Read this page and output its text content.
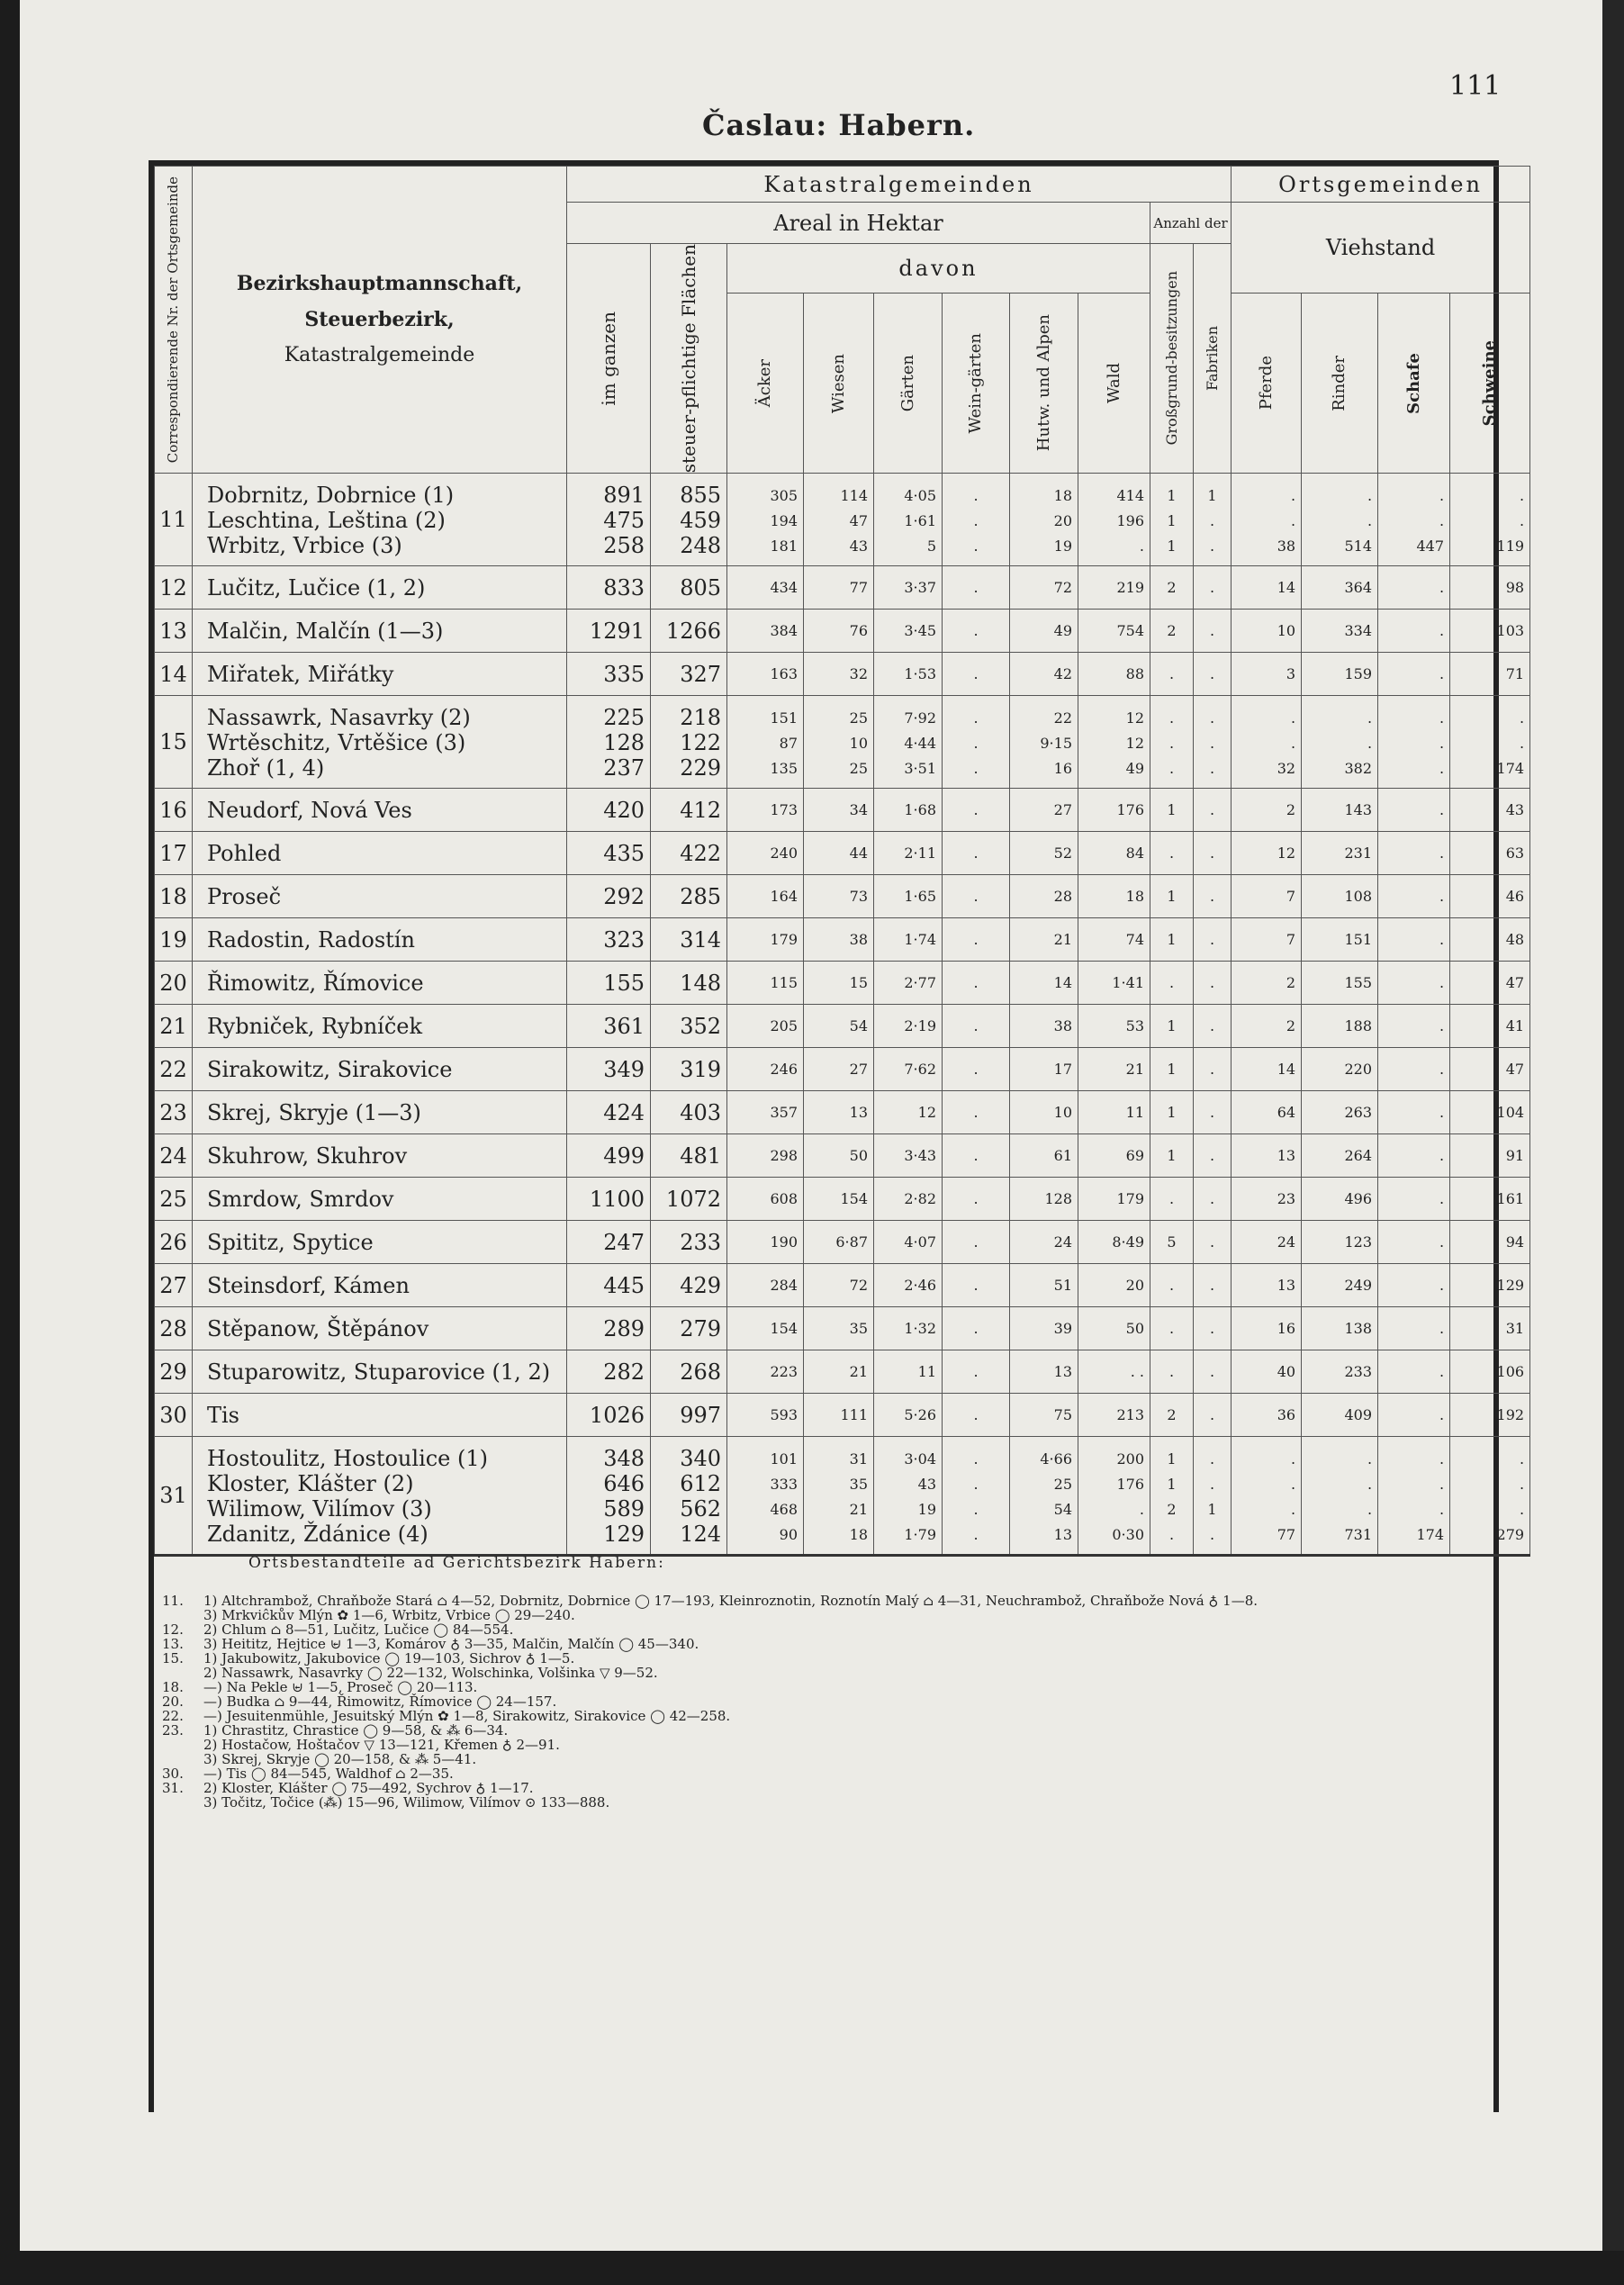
111
Časlau: Habern.
Correspondierende Nr. der Ortsgemeinde	Bezirkshauptmannschaft,
Steuerbezirk,
Katastralgemeinde	Katastralgemeinden										Ortsgemeinden			
		Areal in Hektar								Anzahl der		Viehstand			

		im ganzen	steuer-pflichtige Flächen	davon						Großgrund-besitzungen	Fabriken				

				Äcker	Wiesen	Gärten	Wein-gärten	Hutw. und Alpen	Wald			Pferde	Rinder	Schafe	Schweine

11	Dobrnitz, Dobrnice (1)	891	855	305	114	4·05	.	18	414	1	1	.	.	.	.
	Leschtina, Leština (2)	475	459	194	47	1·61	.	20	196	1	.	.	.	.	.
	Wrbitz, Vrbice (3)	258	248	181	43	5	.	19	.	1	.	38	514	447	119
12	Lučitz, Lučice (1, 2)	833	805	434	77	3·37	.	72	219	2	.	14	364	.	98
13	Malčin, Malčín (1—3)	1291	1266	384	76	3·45	.	49	754	2	.	10	334	.	103
14	Miřatek, Miřátky	335	327	163	32	1·53	.	42	88	.	.	3	159	.	71
15	Nassawrk, Nasavrky (2)	225	218	151	25	7·92	.	22	12	.	.	.	.	.	.
	Wrtěschitz, Vrtěšice (3)	128	122	87	10	4·44	.	9·15	12	.	.	.	.	.	.
	Zhoř (1, 4)	237	229	135	25	3·51	.	16	49	.	.	32	382	.	174
16	Neudorf, Nová Ves	420	412	173	34	1·68	.	27	176	1	.	2	143	.	43
17	Pohled	435	422	240	44	2·11	.	52	84	.	.	12	231	.	63
18	Proseč	292	285	164	73	1·65	.	28	18	1	.	7	108	.	46
19	Radostin, Radostín	323	314	179	38	1·74	.	21	74	1	.	7	151	.	48
20	Řimowitz, Římovice	155	148	115	15	2·77	.	14	1·41	.	.	2	155	.	47
21	Rybniček, Rybníček	361	352	205	54	2·19	.	38	53	1	.	2	188	.	41
22	Sirakowitz, Sirakovice	349	319	246	27	7·62	.	17	21	1	.	14	220	.	47
23	Skrej, Skryje (1—3)	424	403	357	13	12	.	10	11	1	.	64	263	.	104
24	Skuhrow, Skuhrov	499	481	298	50	3·43	.	61	69	1	.	13	264	.	91
25	Smrdow, Smrdov	1100	1072	608	154	2·82	.	128	179	.	.	23	496	.	161
26	Spititz, Spytice	247	233	190	6·87	4·07	.	24	8·49	5	.	24	123	.	94
27	Steinsdorf, Kámen	445	429	284	72	2·46	.	51	20	.	.	13	249	.	129
28	Stěpanow, Štěpánov	289	279	154	35	1·32	.	39	50	.	.	16	138	.	31
29	Stuparowitz, Stuparovice (1, 2)	282	268	223	21	11	.	13	. .	.	.	40	233	.	106
30	Tis	1026	997	593	111	5·26	.	75	213	2	.	36	409	.	192
31	Hostoulitz, Hostoulice (1)	348	340	101	31	3·04	.	4·66	200	1	.	.	.	.	.
	Kloster, Klášter (2)	646	612	333	35	43	.	25	176	1	.	.	.	.	.
	Wilimow, Vilímov (3)	589	562	468	21	19	.	54	.	2	1	.	.	.	.
	Zdanitz, Ždánice (4)	129	124	90	18	1·79	.	13	0·30	.	.	77	731	174	279

Ortsbestandteile ad Gerichtsbezirk Habern:
11.	1) Altchrambož, Chraňbože Stará ⌂ 4—52, Dobrnitz, Dobrnice ◯ 17—193, Kleinroznotin, Roznotín Malý ⌂ 4—31, Neuchrambož, Chraňbože Nová ♁ 1—8.
3) Mrkviĉkův Mlýn ✿ 1—6, Wrbitz, Vrbice ◯ 29—240.
12.	2) Chlum ⌂ 8—51, Lučitz, Lučice ◯ 84—554.
13.	3) Heititz, Hejtice ⊌ 1—3, Komárov ♁ 3—35, Malčin, Malčín ◯ 45—340.
15.	1) Jakubowitz, Jakubovice ◯ 19—103, Sichrov ♁ 1—5.
2) Nassawrk, Nasavrky ◯ 22—132, Wolschinka, Volšinka ▽ 9—52.
18.	—) Na Pekle ⊌ 1—5, Proseč ◯ 20—113.
20.	—) Budka ⌂ 9—44, Řimowitz, Římovice ◯ 24—157.
22.	—) Jesuitenmühle, Jesuitský Mlýn ✿ 1—8, Sirakowitz, Sirakovice ◯ 42—258.
23.	1) Chrastitz, Chrastice ◯ 9—58, & ⁂ 6—34.
2) Hostačow, Hoštačov ▽ 13—121, Křemen ♁ 2—91.
3) Skrej, Skryje ◯ 20—158, & ⁂ 5—41.
30.	—) Tis ◯ 84—545, Waldhof ⌂ 2—35.
31.	2) Kloster, Klášter ◯ 75—492, Sychrov ♁ 1—17.
3) Točitz, Točice (⁂) 15—96, Wilimow, Vilímov ⊙ 133—888.
